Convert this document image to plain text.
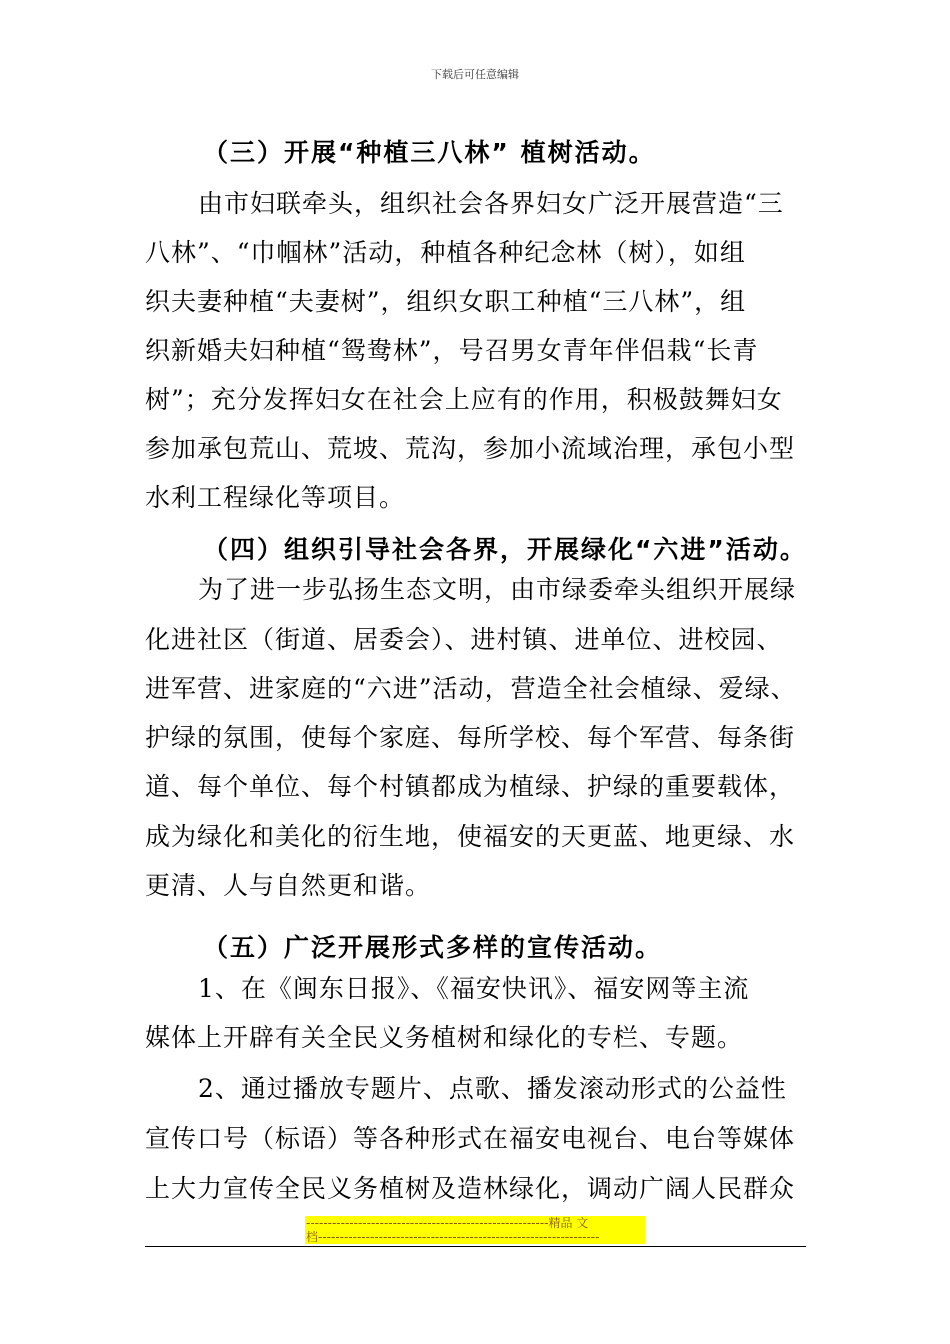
下载后可任意编辑
（三）开展“种植三八林” 植树活动。
由市妇联牵头，组织社会各界妇女广泛开展营造“三
八林”、“巾帼林”活动，种植各种纪念林（树），如组
织夫妻种植“夫妻树”，组织女职工种植“三八林”，组
织新婚夫妇种植“鸳鸯林”，号召男女青年伴侣栽“长青
树”；充分发挥妇女在社会上应有的作用，积极鼓舞妇女
参加承包荒山、荒坡、荒沟，参加小流域治理，承包小型
水利工程绿化等项目。
（四）组织引导社会各界，开展绿化“六进”活动。
为了进一步弘扬生态文明，由市绿委牵头组织开展绿
化进社区（街道、居委会）、进村镇、进单位、进校园、
进军营、进家庭的“六进”活动，营造全社会植绿、爱绿、
护绿的氛围，使每个家庭、每所学校、每个军营、每条街
道、每个单位、每个村镇都成为植绿、护绿的重要载体，
成为绿化和美化的衍生地，使福安的天更蓝、地更绿、水
更清、人与自然更和谐。
（五）广泛开展形式多样的宣传活动。
1、在《闽东日报》、《福安快讯》、福安网等主流
媒体上开辟有关全民义务植树和绿化的专栏、专题。
2、通过播放专题片、点歌、播发滚动形式的公益性
宣传口号（标语）等各种形式在福安电视台、电台等媒体
上大力宣传全民义务植树及造林绿化，调动广阔人民群众
--------------------------------------------------------精品 文
档-----------------------------------------------------------------
